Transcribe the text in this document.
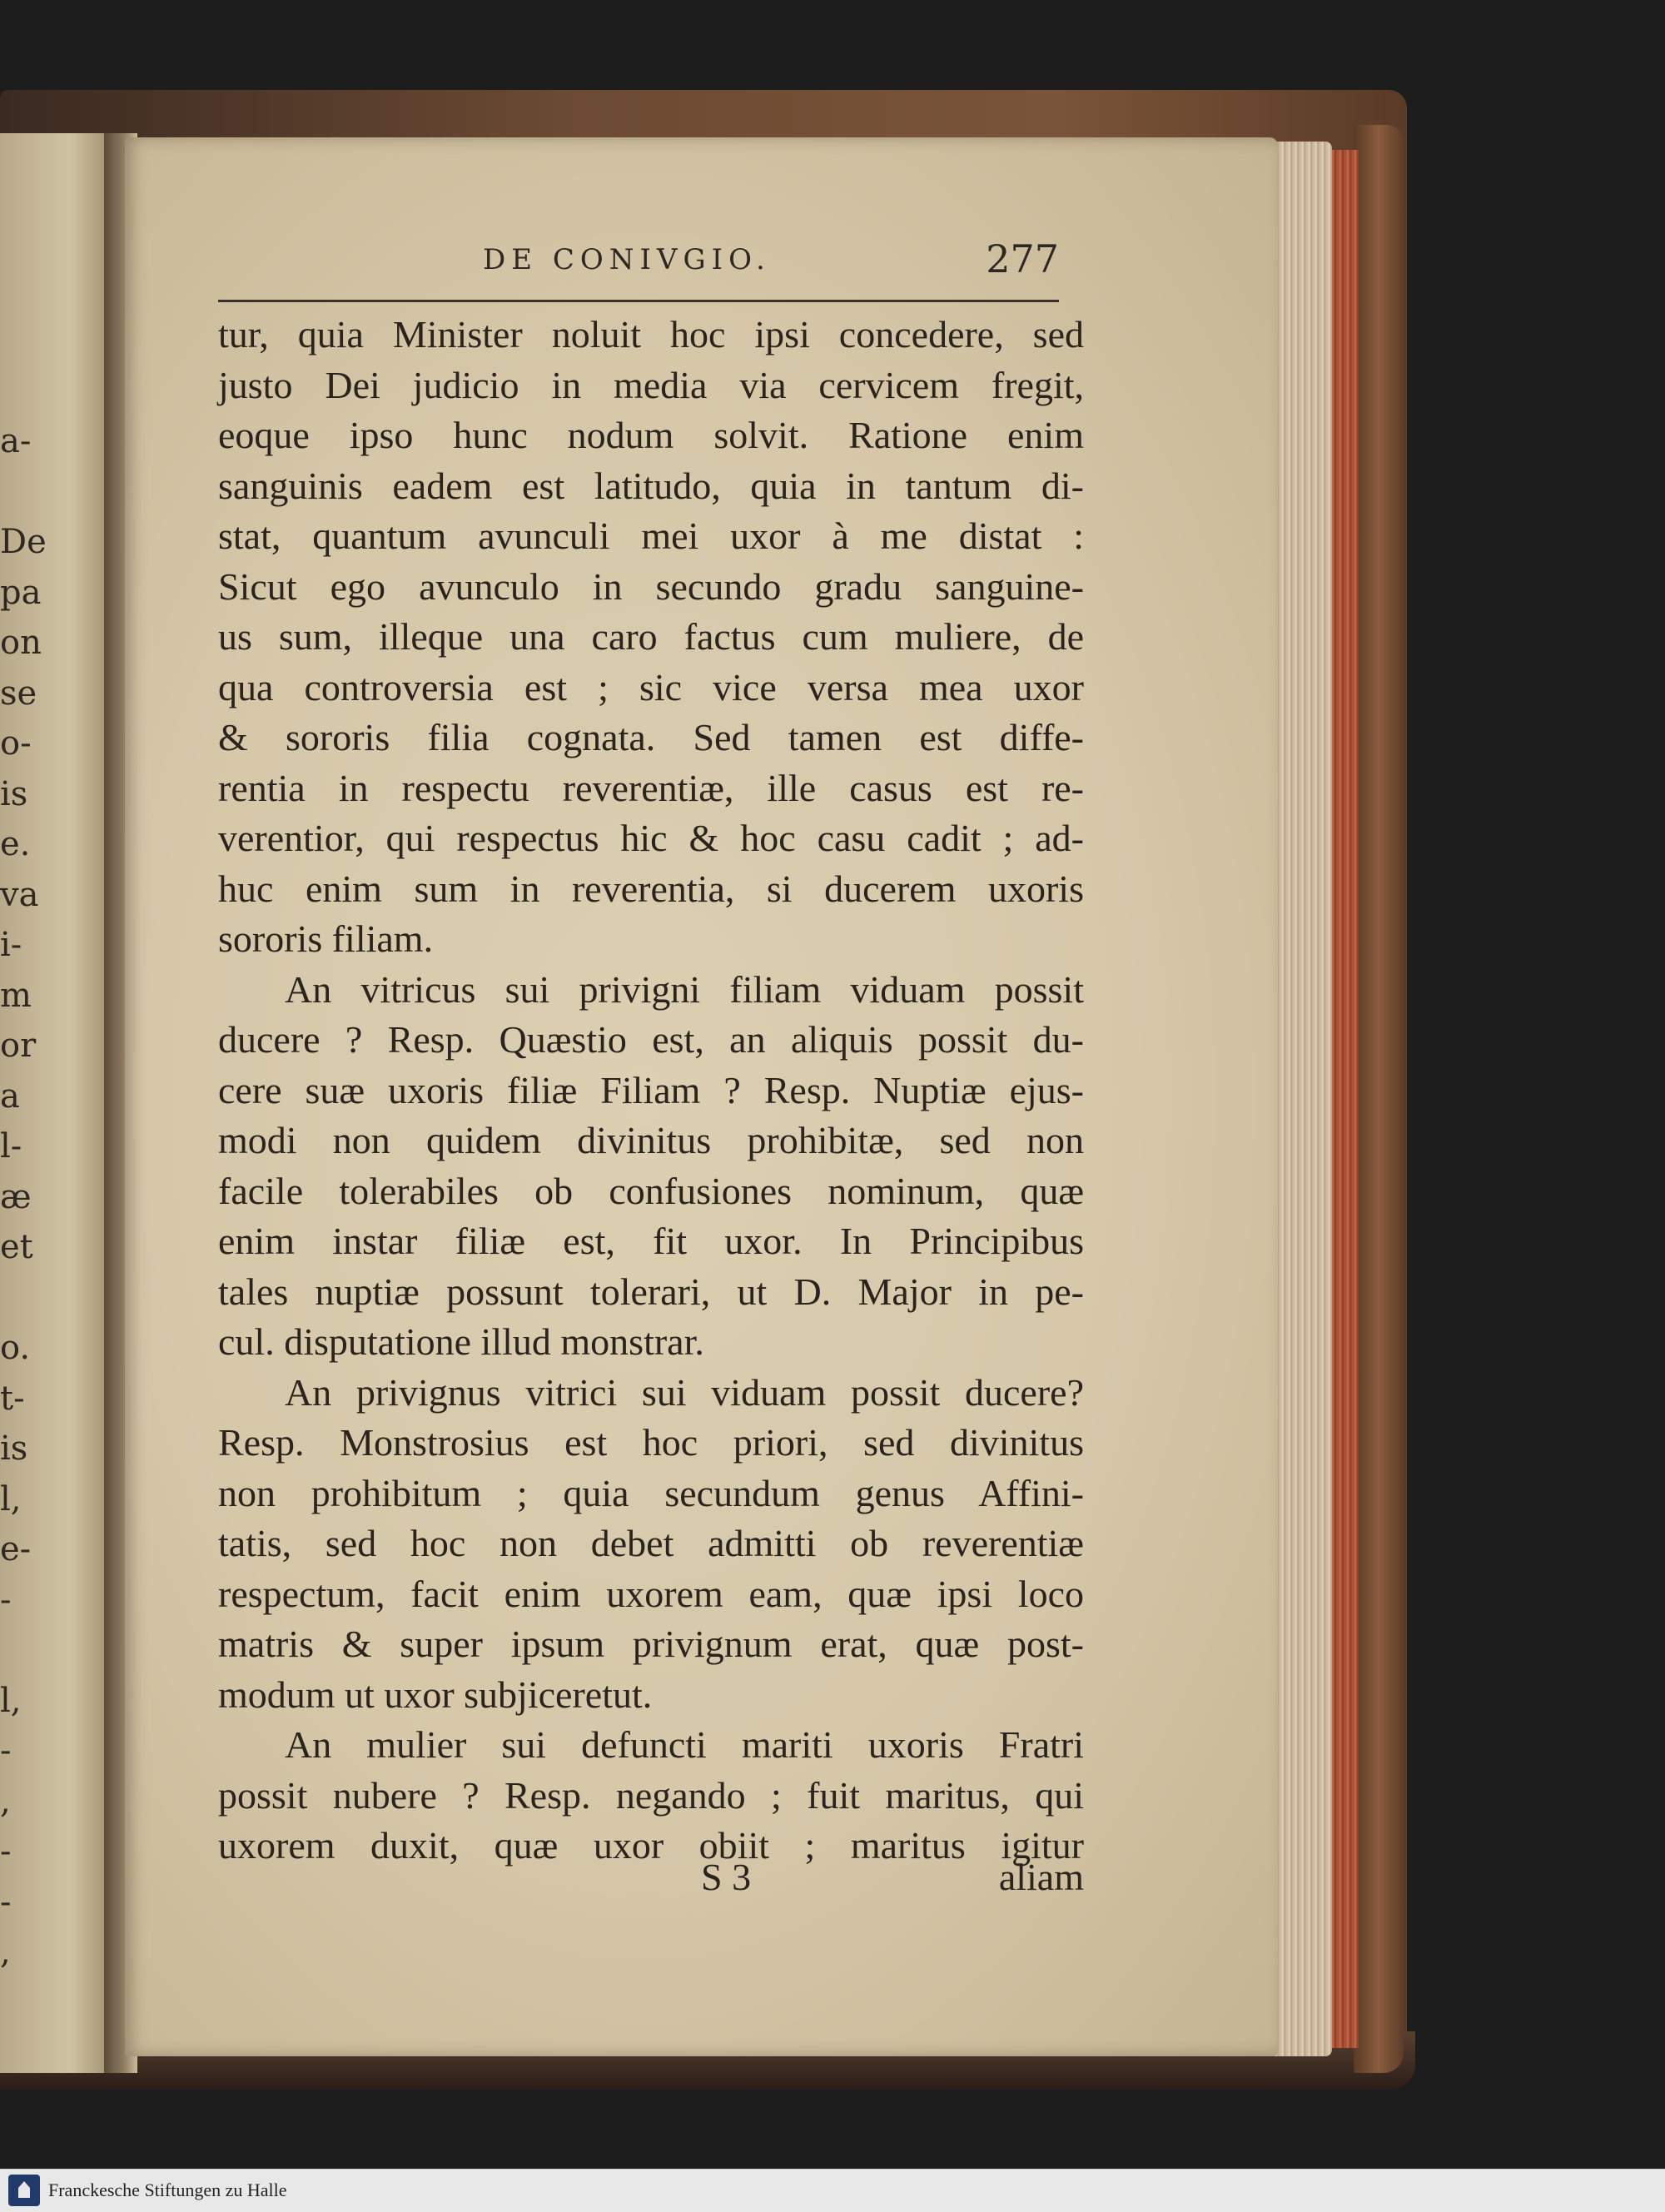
a-
De
pa
on
se
o-
is
e.
va
i-
m
or
a
l-
æ
et
o.
t-
is
l,
e-
-
l,
-
,
-
-
,
DE CONIVGIO.	277
tur, quia Minister noluit hoc ipsi concedere, sed
justo Dei judicio in media via cervicem fregit,
eoque ipso hunc nodum solvit. Ratione enim
sanguinis eadem est latitudo, quia in tantum di-
stat, quantum avunculi mei uxor à me distat :
Sicut ego avunculo in secundo gradu sanguine-
us sum, illeque una caro factus cum muliere, de
qua controversia est ; sic vice versa mea uxor
& sororis filia cognata. Sed tamen est diffe-
rentia in respectu reverentiæ, ille casus est re-
verentior, qui respectus hic & hoc casu cadit ; ad-
huc enim sum in reverentia, si ducerem uxoris
sororis filiam.
An vitricus sui privigni filiam viduam possit
ducere ? Resp. Quæstio est, an aliquis possit du-
cere suæ uxoris filiæ Filiam ? Resp. Nuptiæ ejus-
modi non quidem divinitus prohibitæ, sed non
facile tolerabiles ob confusiones nominum, quæ
enim instar filiæ est, fit uxor. In Principibus
tales nuptiæ possunt tolerari, ut D. Major in pe-
cul. disputatione illud monstrar.
An privignus vitrici sui viduam possit ducere?
Resp. Monstrosius est hoc priori, sed divinitus
non prohibitum ; quia secundum genus Affini-
tatis, sed hoc non debet admitti ob reverentiæ
respectum, facit enim uxorem eam, quæ ipsi loco
matris & super ipsum privignum erat, quæ post-
modum ut uxor subjiceretut.
An mulier sui defuncti mariti uxoris Fratri
possit nubere ? Resp. negando ; fuit maritus, qui
uxorem duxit, quæ uxor obiit ; maritus igitur
S 3	aliam
Franckesche Stiftungen zu Halle
